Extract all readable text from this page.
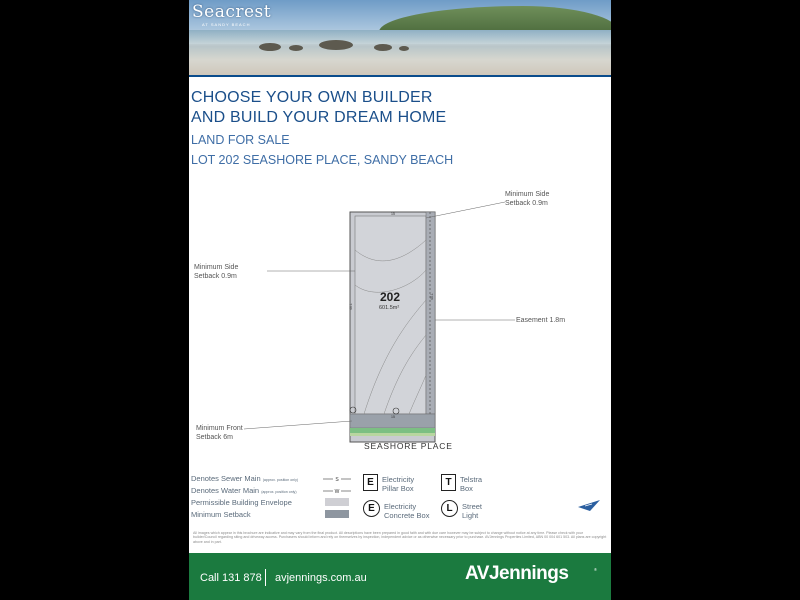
Seacrest
AT SANDY BEACH
CHOOSE YOUR OWN BUILDER
AND BUILD YOUR DREAM HOME
LAND FOR SALE
LOT 202 SEASHORE PLACE, SANDY BEACH
15
40.1
40.1
15
202
601.5m²
SEASHORE PLACE
Minimum Side
Setback 0.9m
Minimum Side
Setback 0.9m
Easement 1.8m
Minimum Front
Setback 6m
Denotes Sewer Main (approx. position only)
Denotes Water Main (approx. position only)
Permissible Building Envelope
Minimum Setback
S
W
E	Electricity
Pillar Box
T	Telstra
Box
E	Electricity
Concrete Box
L	Street
Light
All images which appear in this brochure are indicative and may vary from the final product. All descriptions have been prepared in good faith and with due care however may be subject to change without notice at any time. Please check with your builder/Council regarding siting and driveway access. Purchasers should inform and rely on themselves by inspection, independent advice or as otherwise necessary prior to purchase. AVJennings Properties Limited, ABN 00 004 601 503. All plans are copyright above and in part.
Call 131 878 avjennings.com.au	AVJennings	®
